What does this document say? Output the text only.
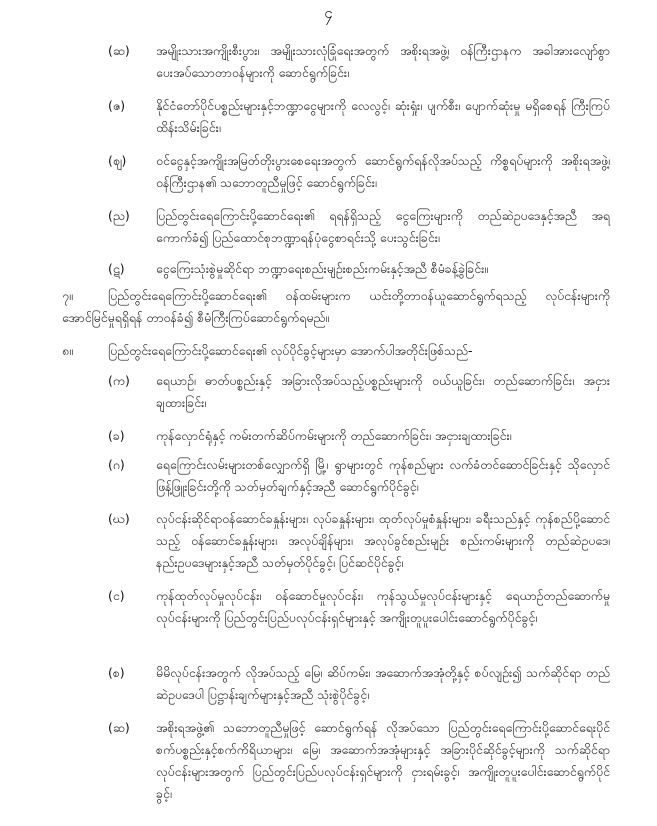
၄
(ဆ) အမျိုးသားအကျိုးစီးပွား၊ အမျိုးသားလုံခြုံရေးအတွက် အစိုးရအဖွဲ့၊ ဝန်ကြီးဌာနက အခါအားလျော်စွာ ပေးအပ်သောတာဝန်များကို ဆောင်ရွက်ခြင်း၊
(ဇ) နိုင်ငံတော်ပိုင်ပစ္စည်းများနှင့်ဘဏ္ဍာငွေများကို လေလွင့်၊ ဆုံးရှုံး၊ ပျက်စီး၊ ပျောက်ဆုံးမှု မရှိစေရန် ကြီးကြပ်ထိန်းသိမ်းခြင်း၊
(ဈ) ဝင်ငွေနှင့်အကျိုးအမြတ်တိုးပွားစေရေးအတွက် ဆောင်ရွက်ရန်လိုအပ်သည့် ကိစ္စရပ်များကို အစိုးရအဖွဲ့၊ ဝန်ကြီးဌာန၏ သဘောတူညီမှုဖြင့် ဆောင်ရွက်ခြင်း၊
(ည) ပြည်တွင်းရေကြောင်းပို့ဆောင်ရေး၏ ရရန်ရှိသည့် ငွေကြေးများကို တည်ဆဲဥပဒေနှင့်အညီ အရကောက်ခံ၍ ပြည်ထောင်စုဘဏ္ဍာရန်ပုံငွေစာရင်းသို့ ပေးသွင်းခြင်း၊
(ဋ)	ငွေကြေးသုံးစွဲမှုဆိုင်ရာ ဘဏ္ဍာရေးစည်းမျဉ်းစည်းကမ်းနှင့်အညီ စီမံခန့်ခွဲခြင်း။
၇။	ပြည်တွင်းရေကြောင်းပို့ဆောင်ရေး၏ ဝန်ထမ်းများက ယင်းတို့တာဝန်ယူဆောင်ရွက်ရသည့် လုပ်ငန်းများကို အောင်မြင်မှုရရှိရန် တာဝန်ခံ၍ စီမံကြီးကြပ်ဆောင်ရွက်ရမည်။
၈။	ပြည်တွင်းရေကြောင်းပို့ဆောင်ရေး၏ လုပ်ပိုင်ခွင့်များမှာ အောက်ပါအတိုင်းဖြစ်သည်-
(က) ရေယာဉ်၊ ဓာတ်ပစ္စည်းနှင့် အခြားလိုအပ်သည့်ပစ္စည်းများကို ဝယ်ယူခြင်း၊ တည်ဆောက်ခြင်း၊ အငှားချထားခြင်း၊
(ခ)	ကုန်လှောင်ရုံနှင့် ကမ်းတက်ဆိပ်ကမ်းများကို တည်ဆောက်ခြင်း၊ အငှားချထားခြင်း၊
(ဂ)	ရေကြောင်းလမ်းများတစ်လျှောက်ရှိ မြို့၊ ရွာများတွင် ကုန်စည်များ လက်ခံတင်ဆောင်ခြင်းနှင့် သိုလှောင်ဖြန့်ဖြူးခြင်းတို့ကို သတ်မှတ်ချက်နှင့်အညီ ဆောင်ရွက်ပိုင်ခွင့်၊
(ဃ) လုပ်ငန်းဆိုင်ရာဝန်ဆောင်ခနှုန်းများ၊ လုပ်ခနှုန်းများ၊ ထုတ်လုပ်မှုစံနှုန်းများ၊ ခရီးသည်နှင့် ကုန်စည်ပို့ဆောင်သည့် ဝန်ဆောင်ခနှုန်းများ၊ အလုပ်ချိန်များ၊ အလုပ်ခွင်စည်းမျဉ်း စည်းကမ်းများကို တည်ဆဲဥပဒေ၊ နည်းဥပဒေများနှင့်အညီ သတ်မှတ်ပိုင်ခွင့်၊ ပြင်ဆင်ပိုင်ခွင့်၊
(င)	ကုန်ထုတ်လုပ်မှုလုပ်ငန်း၊ ဝန်ဆောင်မှုလုပ်ငန်း၊ ကုန်သွယ်မှုလုပ်ငန်းများနှင့် ရေယာဉ်တည်ဆောက်မှုလုပ်ငန်းများကို ပြည်တွင်းပြည်ပလုပ်ငန်းရှင်များနှင့် အကျိုးတူပူးပေါင်းဆောင်ရွက်ပိုင်ခွင့်၊
(စ)	မိမိလုပ်ငန်းအတွက် လိုအပ်သည့် မြေ၊ ဆိပ်ကမ်း၊ အဆောက်အအုံတို့နှင့် စပ်လျဉ်း၍ သက်ဆိုင်ရာ တည်ဆဲဥပဒေပါ ပြဋ္ဌာန်းချက်များနှင့်အညီ သုံးစွဲပိုင်ခွင့်၊
(ဆ) အစိုးရအဖွဲ့၏ သဘောတူညီမှုဖြင့် ဆောင်ရွက်ရန် လိုအပ်သော ပြည်တွင်းရေကြောင်းပို့ဆောင်ရေးပိုင် စက်ပစ္စည်းနှင့်စက်ကိရိယာများ၊ မြေ၊ အဆောက်အအုံများနှင့် အခြားပိုင်ဆိုင်ခွင့်များကို သက်ဆိုင်ရာလုပ်ငန်းများအတွက် ပြည်တွင်းပြည်ပလုပ်ငန်းရှင်များကို ငှားရမ်းခွင့်၊ အကျိုးတူပူးပေါင်းဆောင်ရွက်ပိုင်ခွင့်၊
